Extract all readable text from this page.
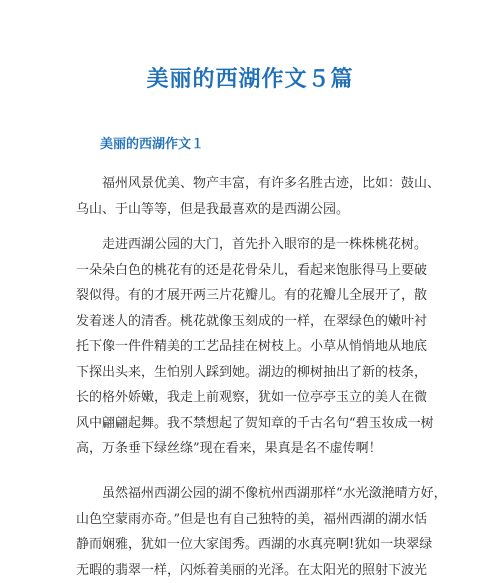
美丽的西湖作文５篇
美丽的西湖作文１
　　福州风景优美、物产丰富，有许多名胜古迹，比如：鼓山、
乌山、于山等等，但是我最喜欢的是西湖公园。
　　走进西湖公园的大门，首先扑入眼帘的是一株株桃花树。
一朵朵白色的桃花有的还是花骨朵儿，看起来饱胀得马上要破
裂似得。有的才展开两三片花瓣儿。有的花瓣儿全展开了，散
发着迷人的清香。桃花就像玉刻成的一样，在翠绿色的嫩叶衬
托下像一件件精美的工艺品挂在树枝上。小草从悄悄地从地底
下探出头来，生怕别人踩到她。湖边的柳树抽出了新的枝条，
长的格外娇嫩，我走上前观察，犹如一位亭亭玉立的美人在微
风中翩翩起舞。我不禁想起了贺知章的千古名句“碧玉妆成一树
高，万条垂下绿丝绦”现在看来，果真是名不虚传啊！
　　虽然福州西湖公园的湖不像杭州西湖那样“水光潋滟晴方好，
山色空蒙雨亦奇。”但是也有自己独特的美，福州西湖的湖水恬
静而娴雅，犹如一位大家闺秀。西湖的水真亮啊!犹如一块翠绿
无暇的翡翠一样，闪烁着美丽的光泽。在太阳光的照射下波光
